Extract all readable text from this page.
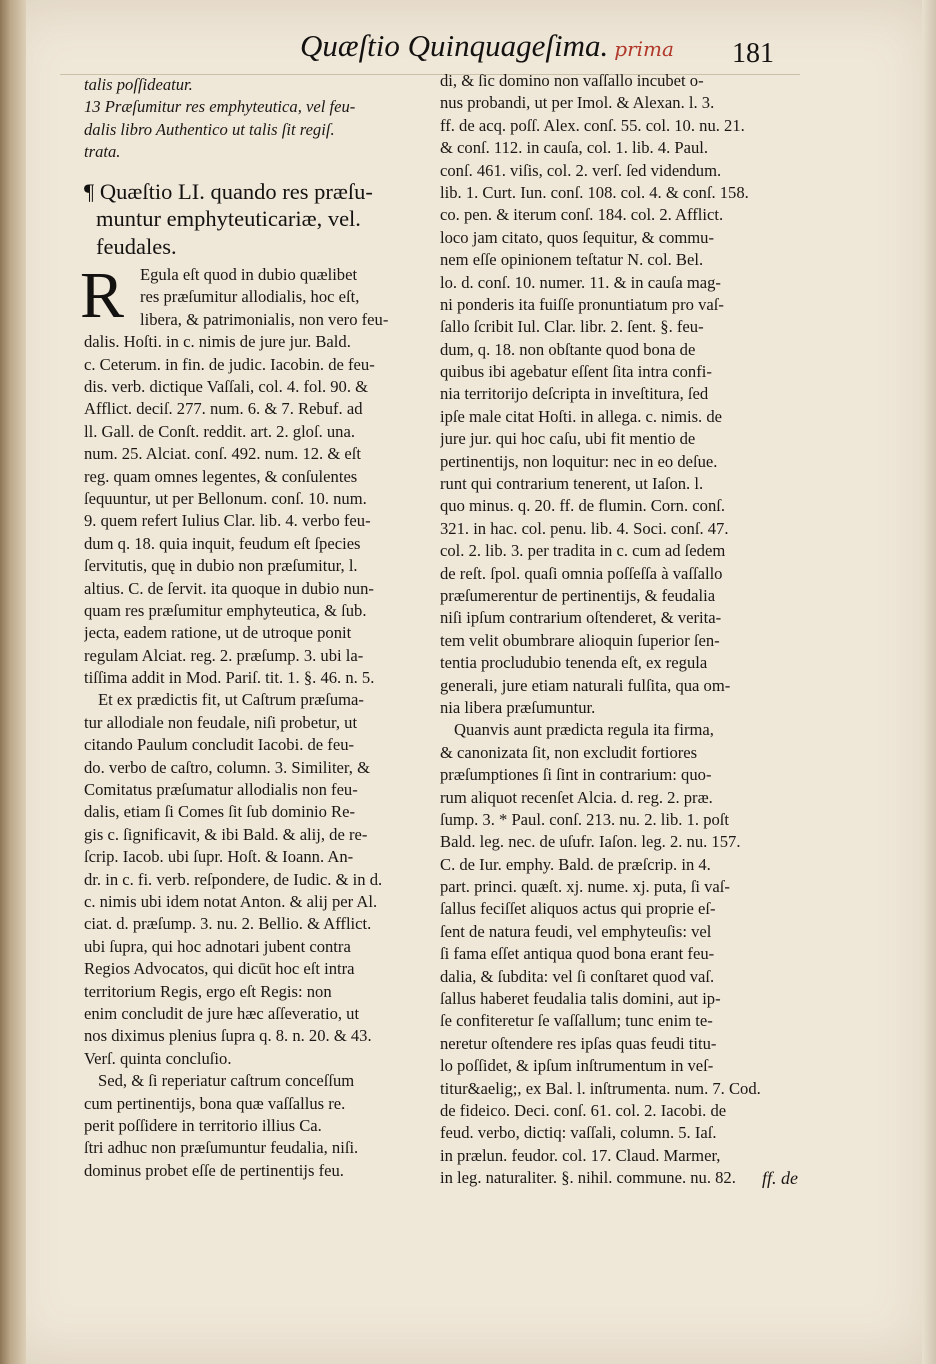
Quæſtio Quinquageſima. prima	181
talis poſſideatur.
13 Præſumitur res emphyteutica, vel feu-
dalis libro Authentico ut talis ſit regiſ.
trata.
¶ Quæſtio LI. quando res præſu-
muntur emphyteuticariæ, vel.
feudales.
R Egula eſt quod in dubio quælibet
res præſumitur allodialis, hoc eſt,
libera, & patrimonialis, non vero feu-
dalis. Hoſti. in c. nimis de jure jur. Bald.
c. Ceterum. in fin. de judic. Iacobin. de feu-
dis. verb. dictique Vaſſali, col. 4. fol. 90. &
Afflict. deciſ. 277. num. 6. & 7. Rebuf. ad
ll. Gall. de Conſt. reddit. art. 2. gloſ. una.
num. 25. Alciat. conſ. 492. num. 12. & eſt
reg. quam omnes legentes, & conſulentes
ſequuntur, ut per Bellonum. conſ. 10. num.
9. quem refert Iulius Clar. lib. 4. verbo feu-
dum q. 18. quia inquit, feudum eſt ſpecies
ſervitutis, quę in dubio non præſumitur, l.
altius. C. de ſervit. ita quoque in dubio nun-
quam res præſumitur emphyteutica, & ſub.
jecta, eadem ratione, ut de utroque ponit
regulam Alciat. reg. 2. præſump. 3. ubi la-
tiſſima addit in Mod. Pariſ. tit. 1. §. 46. n. 5.
Et ex prædictis fit, ut Caſtrum præſuma-
tur allodiale non feudale, niſi probetur, ut
citando Paulum concludit Iacobi. de feu-
do. verbo de caſtro, column. 3. Similiter, &
Comitatus præſumatur allodialis non feu-
dalis, etiam ſi Comes ſit ſub dominio Re-
gis c. ſignificavit, & ibi Bald. & alij, de re-
ſcrip. Iacob. ubi ſupr. Hoſt. & Ioann. An-
dr. in c. fi. verb. reſpondere, de Iudic. & in d.
c. nimis ubi idem notat Anton. & alij per Al.
ciat. d. præſump. 3. nu. 2. Bellio. & Afflict.
ubi ſupra, qui hoc adnotari jubent contra
Regios Advocatos, qui dicūt hoc eſt intra
territorium Regis, ergo eſt Regis: non
enim concludit de jure hæc aſſeveratio, ut
nos diximus plenius ſupra q. 8. n. 20. & 43.
Verſ. quinta concluſio.
Sed, & ſi reperiatur caſtrum conceſſum
cum pertinentijs, bona quæ vaſſallus re.
perit poſſidere in territorio illius Ca.
ſtri adhuc non præſumuntur feudalia, niſi.
dominus probet eſſe de pertinentijs feu.
di, & ſic domino non vaſſallo incubet o-
nus probandi, ut per Imol. & Alexan. l. 3.
ff. de acq. poſſ. Alex. conſ. 55. col. 10. nu. 21.
& conſ. 112. in cauſa, col. 1. lib. 4. Paul.
conſ. 461. viſis, col. 2. verſ. ſed videndum.
lib. 1. Curt. Iun. conſ. 108. col. 4. & conſ. 158.
co. pen. & iterum conſ. 184. col. 2. Afflict.
loco jam citato, quos ſequitur, & commu-
nem eſſe opinionem teſtatur N. col. Bel.
lo. d. conſ. 10. numer. 11. & in cauſa mag-
ni ponderis ita fuiſſe pronuntiatum pro vaſ-
ſallo ſcribit Iul. Clar. libr. 2. ſent. §. feu-
dum, q. 18. non obſtante quod bona de
quibus ibi agebatur eſſent ſita intra confi-
nia territorijo deſcripta in inveſtitura, ſed
ipſe male citat Hoſti. in allega. c. nimis. de
jure jur. qui hoc caſu, ubi fit mentio de
pertinentijs, non loquitur: nec in eo deſue.
runt qui contrarium tenerent, ut Iaſon. l.
quo minus. q. 20. ff. de flumin. Corn. conſ.
321. in hac. col. penu. lib. 4. Soci. conſ. 47.
col. 2. lib. 3. per tradita in c. cum ad ſedem
de reſt. ſpol. quaſi omnia poſſeſſa à vaſſallo
præſumerentur de pertinentijs, & feudalia
niſi ipſum contrarium oſtenderet, & verita-
tem velit obumbrare alioquin ſuperior ſen-
tentia procludubio tenenda eſt, ex regula
generali, jure etiam naturali fulſita, qua om-
nia libera præſumuntur.
Quanvis aunt prædicta regula ita firma,
& canonizata ſit, non excludit fortiores
præſumptiones ſi ſint in contrarium: quo-
rum aliquot recenſet Alcia. d. reg. 2. præ.
ſump. 3. * Paul. conſ. 213. nu. 2. lib. 1. poſt
Bald. leg. nec. de uſufr. Iaſon. leg. 2. nu. 157.
C. de Iur. emphy. Bald. de præſcrip. in 4.
part. princi. quæſt. xj. nume. xj. puta, ſi vaſ-
ſallus feciſſet aliquos actus qui proprie eſ-
ſent de natura feudi, vel emphyteuſis: vel
ſi fama eſſet antiqua quod bona erant feu-
dalia, & ſubdita: vel ſi conſtaret quod vaſ.
ſallus haberet feudalia talis domini, aut ip-
ſe confiteretur ſe vaſſallum; tunc enim te-
neretur oſtendere res ipſas quas feudi titu-
lo poſſidet, & ipſum inſtrumentum in veſ-
titur&aelig;, ex Bal. l. inſtrumenta. num. 7. Cod.
de fideico. Deci. conſ. 61. col. 2. Iacobi. de
feud. verbo, dictiq: vaſſali, column. 5. Iaſ.
in prælun. feudor. col. 17. Claud. Marmer,
in leg. naturaliter. §. nihil. commune. nu. 82.	ff. de
